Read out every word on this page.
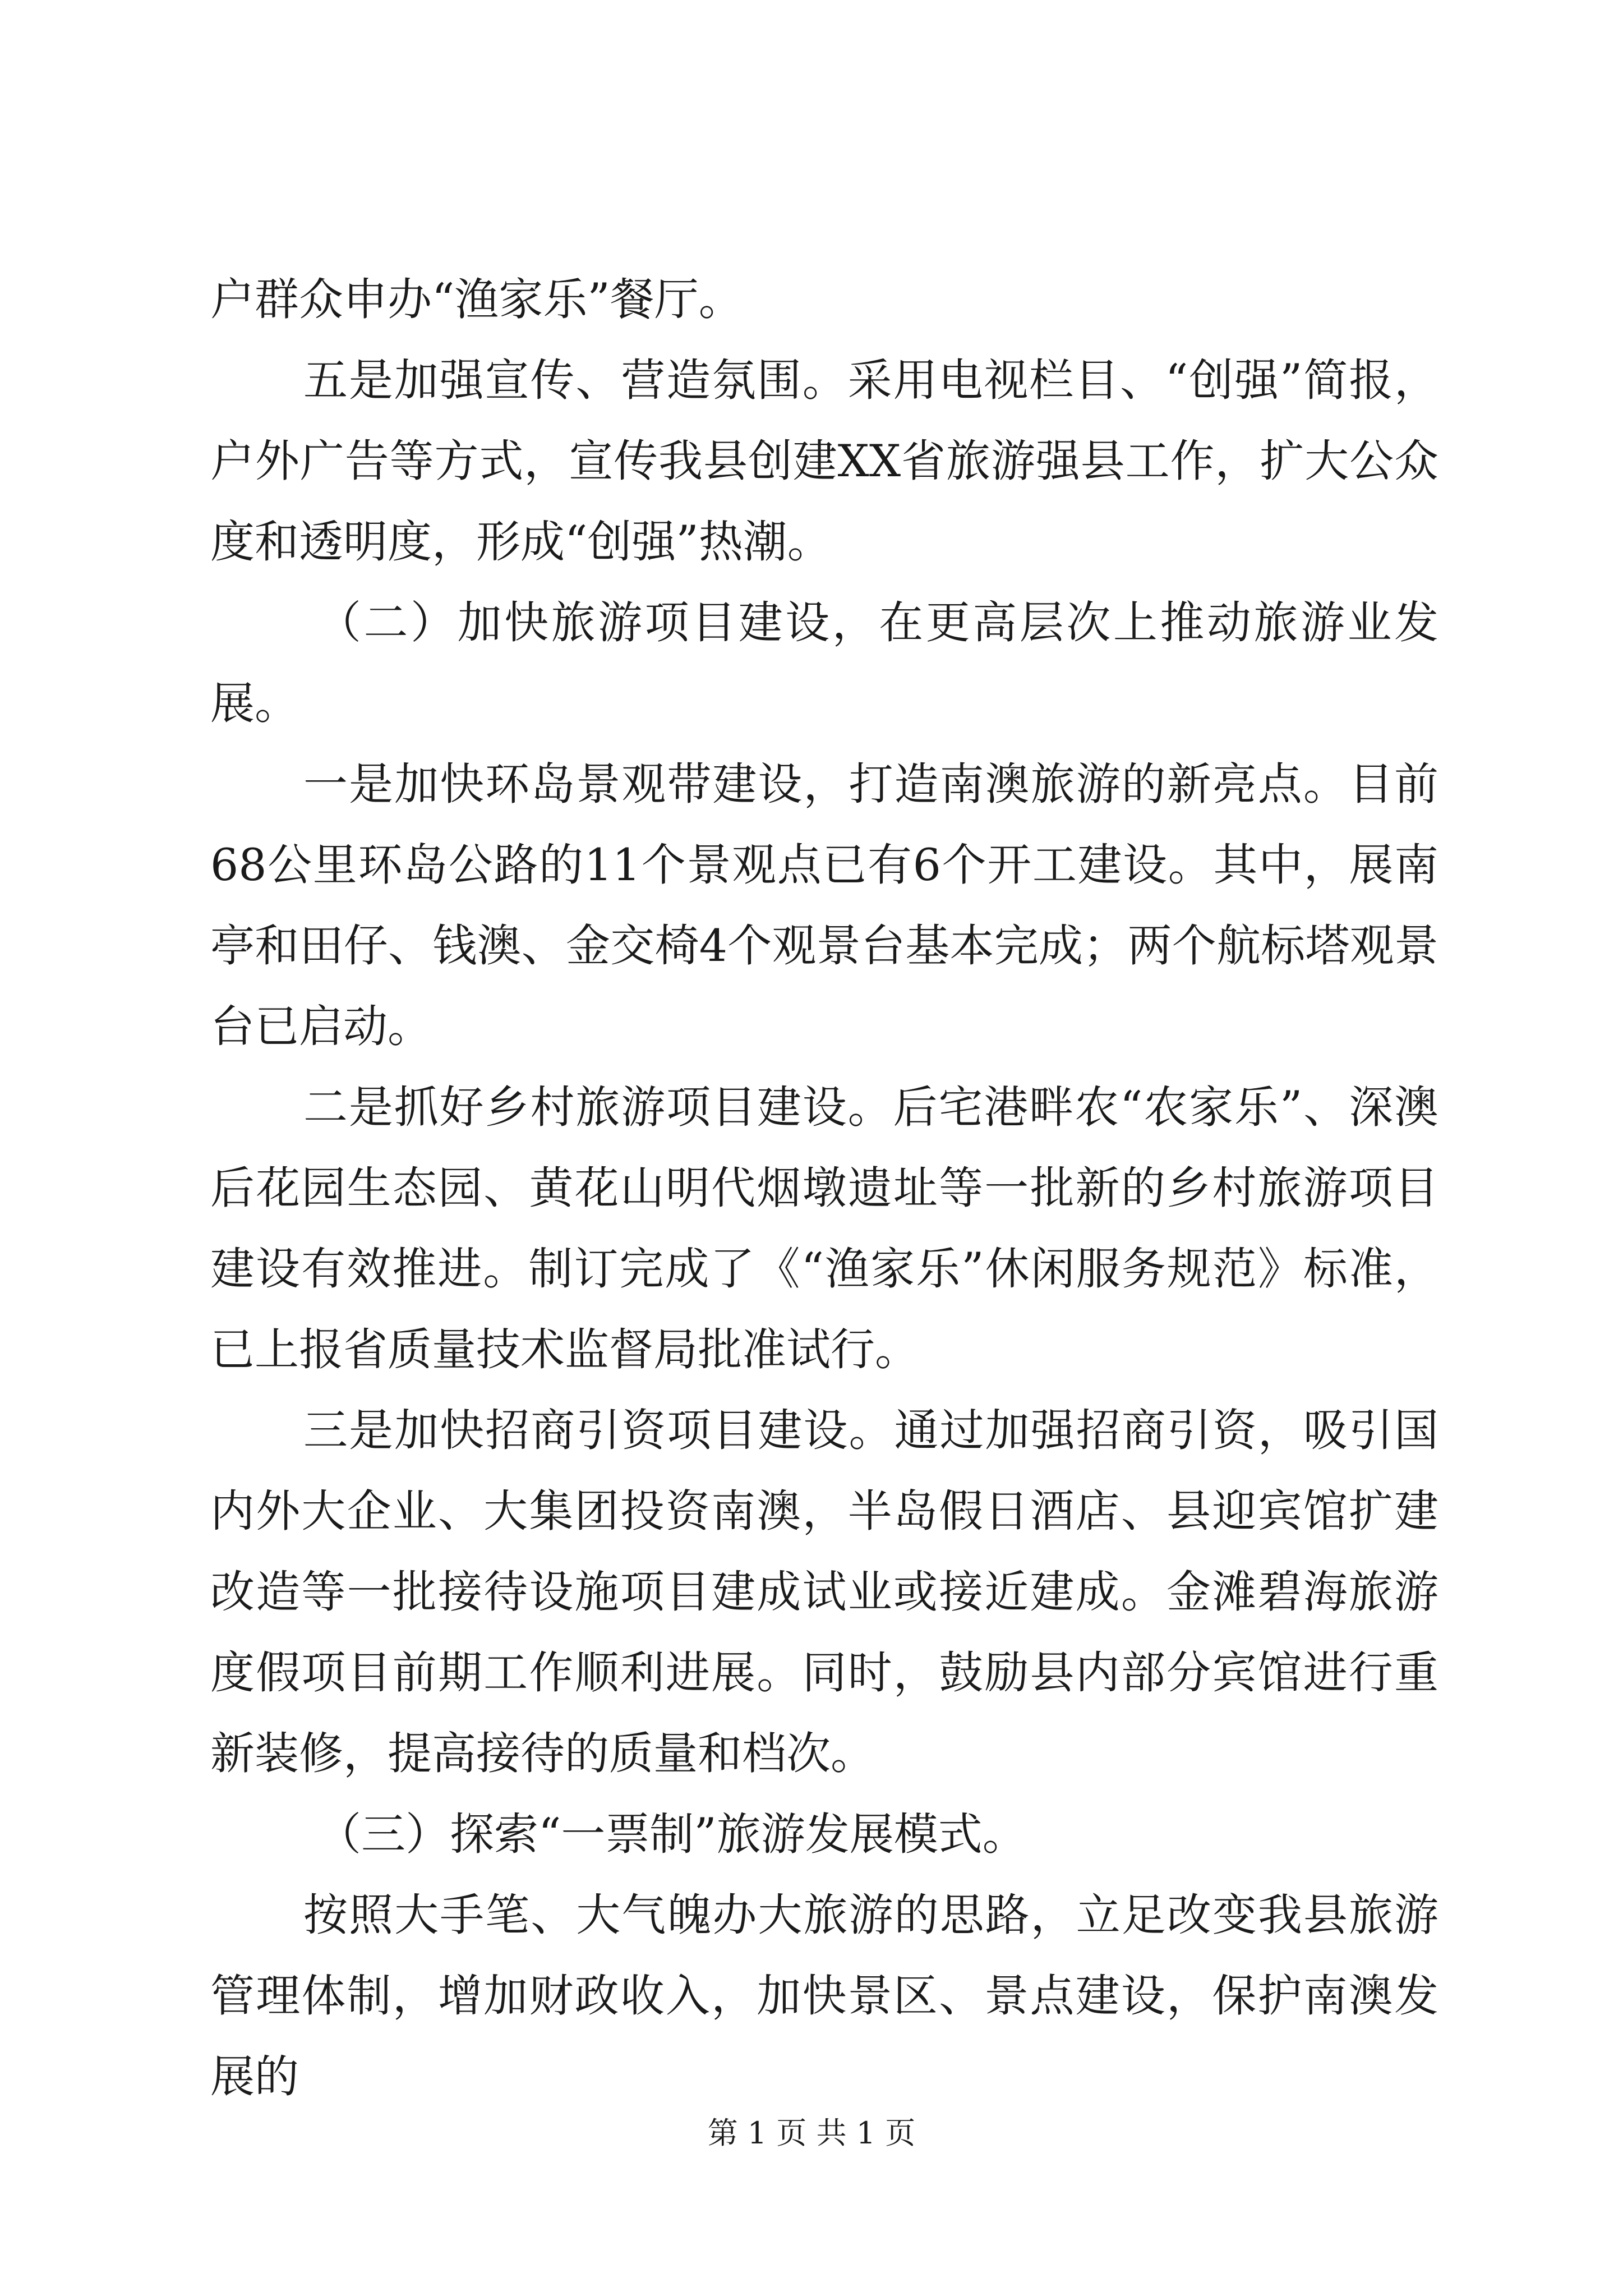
户群众申办“渔家乐”餐厅。

五是加强宣传、营造氛围。采用电视栏目、“创强”简报，户外广告等方式，宣传我县创建XX省旅游强县工作，扩大公众度和透明度，形成“创强”热潮。

（二）加快旅游项目建设，在更高层次上推动旅游业发展。

一是加快环岛景观带建设，打造南澳旅游的新亮点。目前68公里环岛公路的11个景观点已有6个开工建设。其中，展南亭和田仔、钱澳、金交椅4个观景台基本完成；两个航标塔观景台已启动。

二是抓好乡村旅游项目建设。后宅港畔农“农家乐”、深澳后花园生态园、黄花山明代烟墩遗址等一批新的乡村旅游项目建设有效推进。制订完成了《“渔家乐”休闲服务规范》标准，已上报省质量技术监督局批准试行。

三是加快招商引资项目建设。通过加强招商引资，吸引国内外大企业、大集团投资南澳，半岛假日酒店、县迎宾馆扩建改造等一批接待设施项目建成试业或接近建成。金滩碧海旅游度假项目前期工作顺利进展。同时，鼓励县内部分宾馆进行重新装修，提高接待的质量和档次。

（三）探索“一票制”旅游发展模式。

按照大手笔、大气魄办大旅游的思路，立足改变我县旅游管理体制，增加财政收入，加快景区、景点建设，保护南澳发展的

第 1 页 共 1 页
